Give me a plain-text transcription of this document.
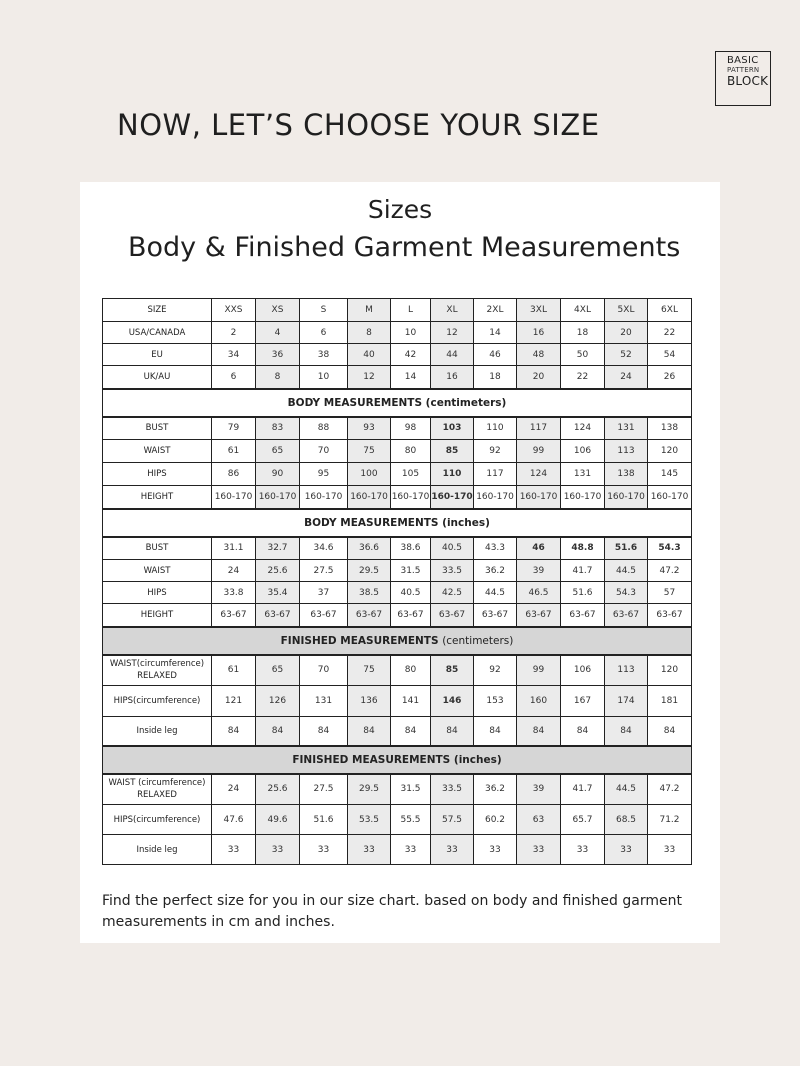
BASIC
PATTERN
BLOCK
NOW, LET’S CHOOSE YOUR SIZE
Sizes
Body & Finished Garment Measurements

Find the perfect size for you in our size chart. based on body and finished garment measurements in cm and inches.

SIZE	XXS	XS	S	M	L	XL	2XL	3XL	4XL	5XL	6XL
USA/CANADA	2	4	6	8	10	12	14	16	18	20	22
EU	34	36	38	40	42	44	46	48	50	52	54
UK/AU	6	8	10	12	14	16	18	20	22	24	26
BODY MEASUREMENTS (centimeters)											
BUST	79	83	88	93	98	103	110	117	124	131	138
WAIST	61	65	70	75	80	85	92	99	106	113	120
HIPS	86	90	95	100	105	110	117	124	131	138	145
HEIGHT	160-170	160-170	160-170	160-170	160-170	160-170	160-170	160-170	160-170	160-170	160-170
BODY MEASUREMENTS (inches)											
BUST	31.1	32.7	34.6	36.6	38.6	40.5	43.3	46	48.8	51.6	54.3
WAIST	24	25.6	27.5	29.5	31.5	33.5	36.2	39	41.7	44.5	47.2
HIPS	33.8	35.4	37	38.5	40.5	42.5	44.5	46.5	51.6	54.3	57
HEIGHT	63-67	63-67	63-67	63-67	63-67	63-67	63-67	63-67	63-67	63-67	63-67
FINISHED MEASUREMENTS (centimeters)											
WAIST(circumference) RELAXED	61	65	70	75	80	85	92	99	106	113	120
HIPS(circumference)	121	126	131	136	141	146	153	160	167	174	181
Inside leg	84	84	84	84	84	84	84	84	84	84	84
FINISHED MEASUREMENTS (inches)											
WAIST (circumference) RELAXED	24	25.6	27.5	29.5	31.5	33.5	36.2	39	41.7	44.5	47.2
HIPS(circumference)	47.6	49.6	51.6	53.5	55.5	57.5	60.2	63	65.7	68.5	71.2
Inside leg	33	33	33	33	33	33	33	33	33	33	33
